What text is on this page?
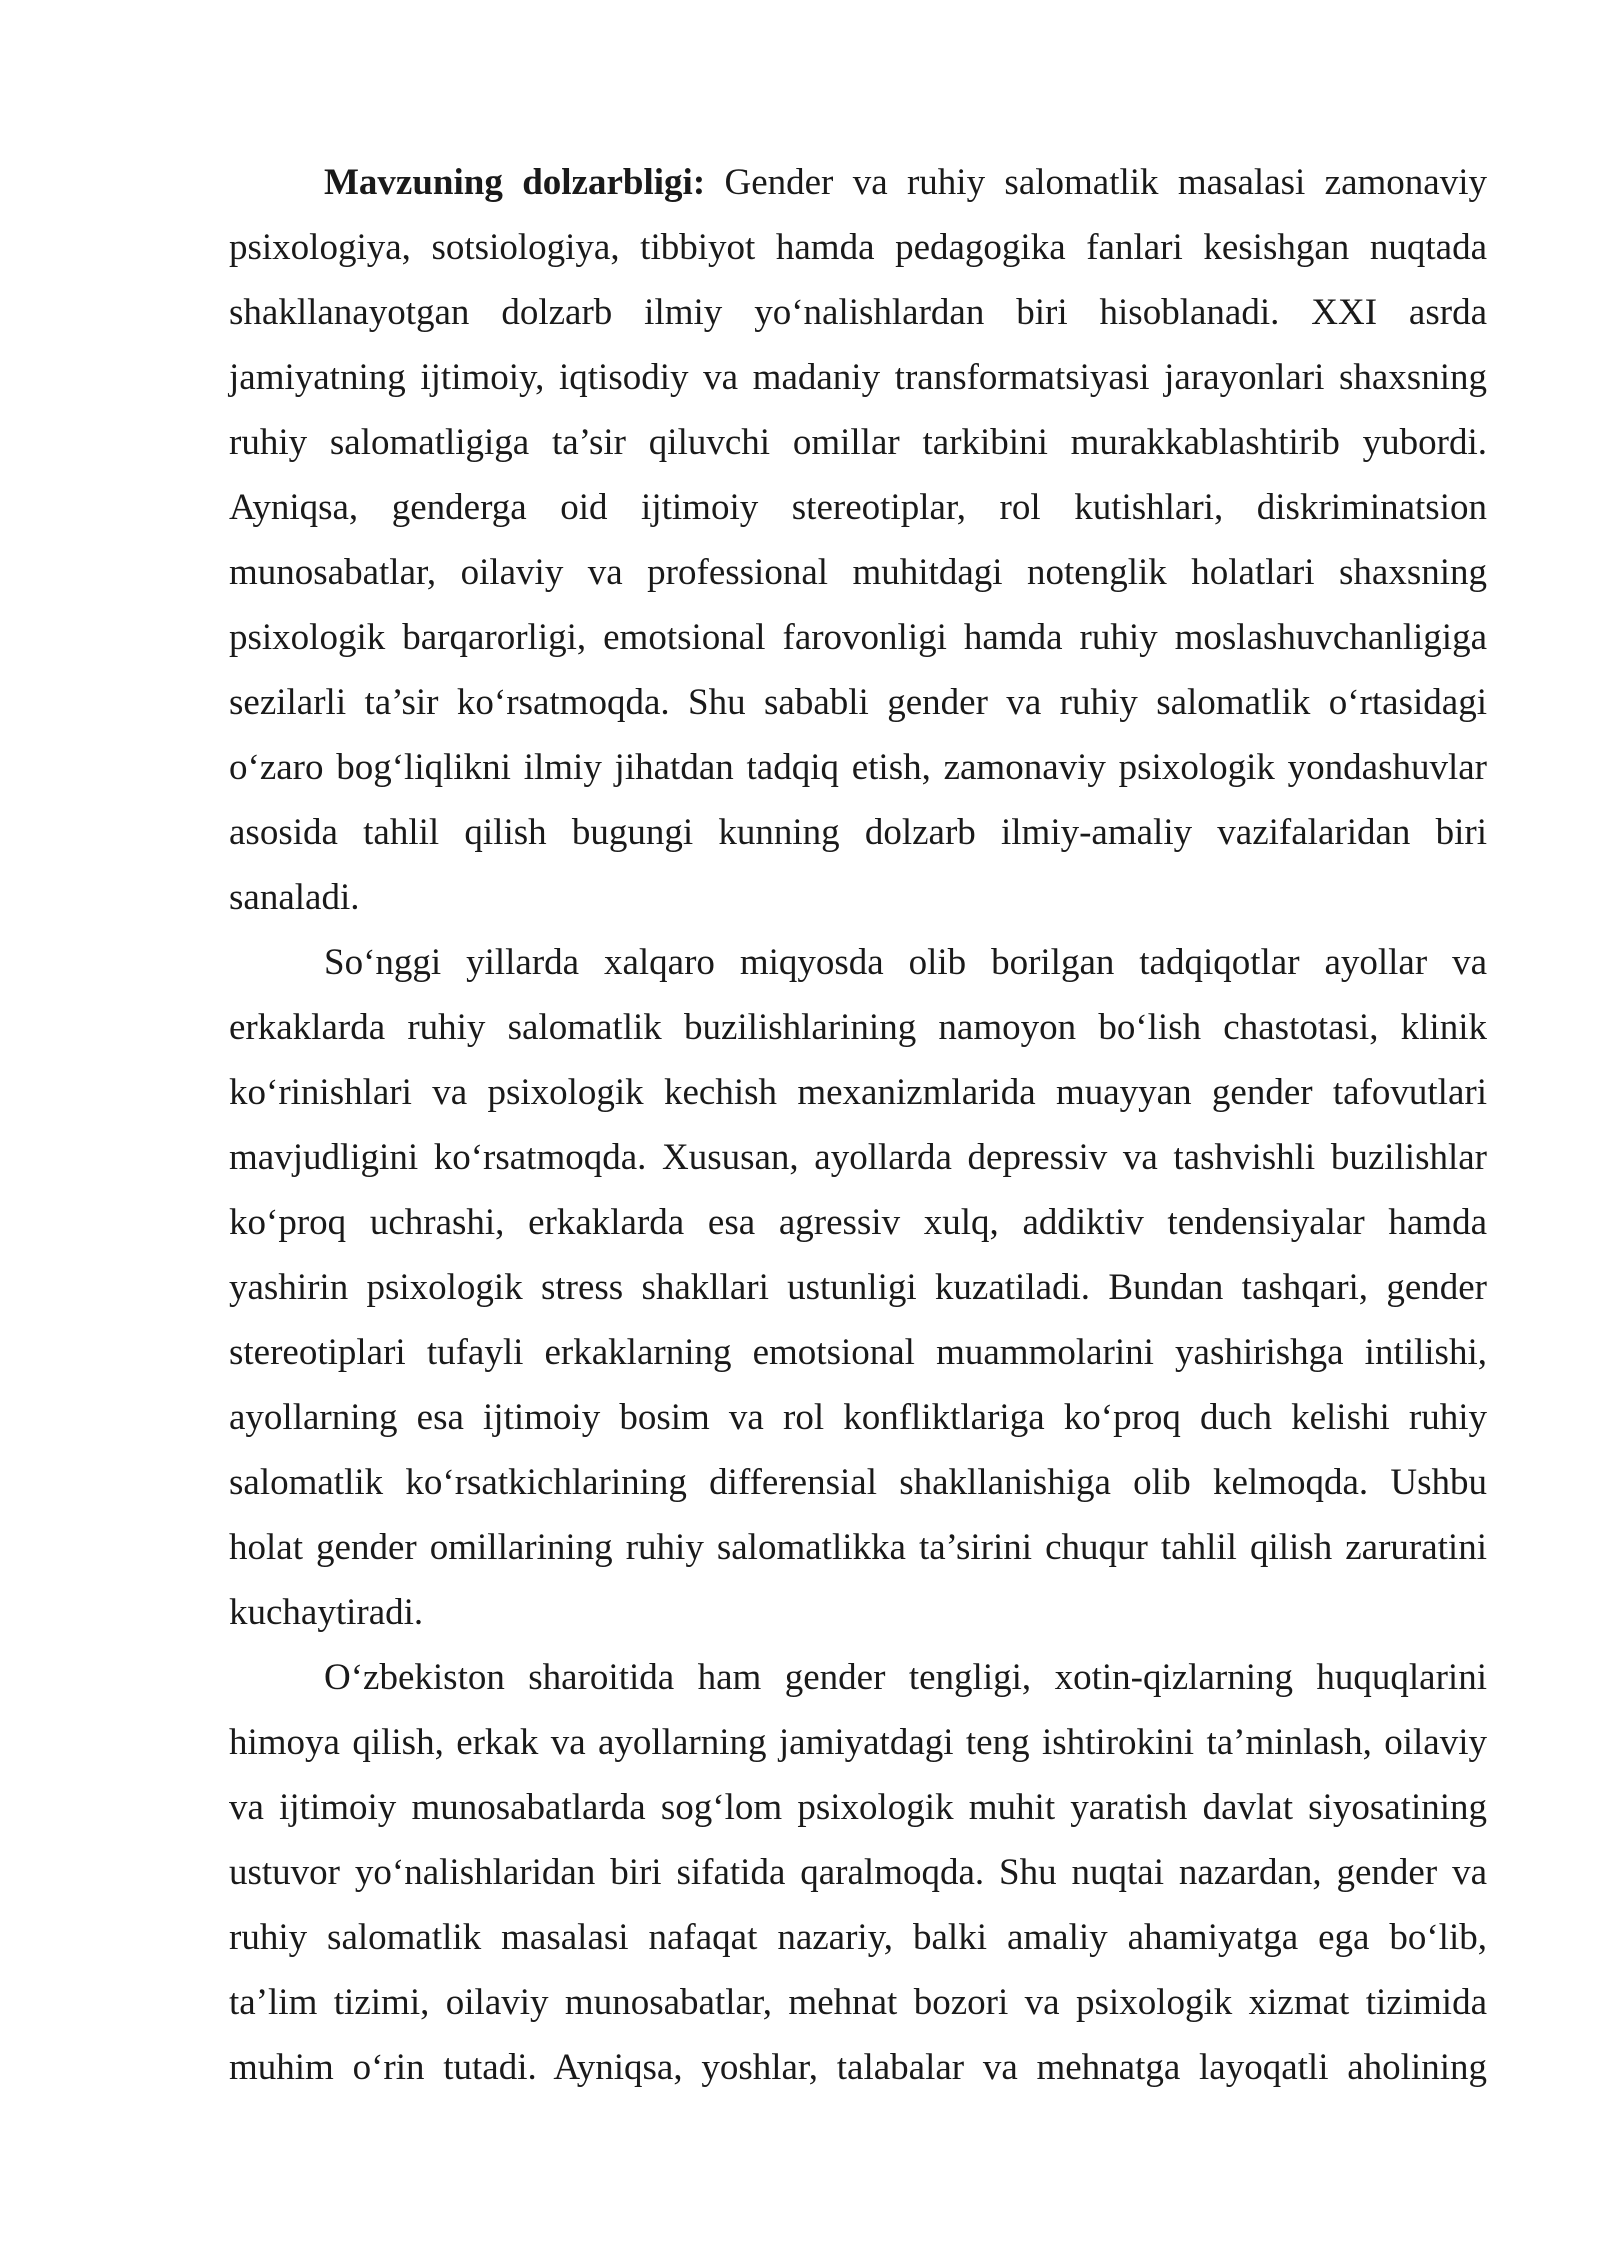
Mavzuning dolzarbligi: Gender va ruhiy salomatlik masalasi zamonaviy psixologiya, sotsiologiya, tibbiyot hamda pedagogika fanlari kesishgan nuqtada shakllanayotgan dolzarb ilmiy yo‘nalishlardan biri hisoblanadi. XXI asrda jamiyatning ijtimoiy, iqtisodiy va madaniy transformatsiyasi jarayonlari shaxsning ruhiy salomatligiga ta’sir qiluvchi omillar tarkibini murakkablashtirib yubordi. Ayniqsa, genderga oid ijtimoiy stereotiplar, rol kutishlari, diskriminatsion munosabatlar, oilaviy va professional muhitdagi notenglik holatlari shaxsning psixologik barqarorligi, emotsional farovonligi hamda ruhiy moslashuvchanligiga sezilarli ta’sir ko‘rsatmoqda. Shu sababli gender va ruhiy salomatlik o‘rtasidagi o‘zaro bog‘liqlikni ilmiy jihatdan tadqiq etish, zamonaviy psixologik yondashuvlar asosida tahlil qilish bugungi kunning dolzarb ilmiy-amaliy vazifalaridan biri sanaladi.

So‘nggi yillarda xalqaro miqyosda olib borilgan tadqiqotlar ayollar va erkaklarda ruhiy salomatlik buzilishlarining namoyon bo‘lish chastotasi, klinik ko‘rinishlari va psixologik kechish mexanizmlarida muayyan gender tafovutlari mavjudligini ko‘rsatmoqda. Xususan, ayollarda depressiv va tashvishli buzilishlar ko‘proq uchrashi, erkaklarda esa agressiv xulq, addiktiv tendensiyalar hamda yashirin psixologik stress shakllari ustunligi kuzatiladi. Bundan tashqari, gender stereotiplari tufayli erkaklarning emotsional muammolarini yashirishga intilishi, ayollarning esa ijtimoiy bosim va rol konfliktlariga ko‘proq duch kelishi ruhiy salomatlik ko‘rsatkichlarining differensial shakllanishiga olib kelmoqda. Ushbu holat gender omillarining ruhiy salomatlikka ta’sirini chuqur tahlil qilish zaruratini kuchaytiradi.

O‘zbekiston sharoitida ham gender tengligi, xotin-qizlarning huquqlarini himoya qilish, erkak va ayollarning jamiyatdagi teng ishtirokini ta’minlash, oilaviy va ijtimoiy munosabatlarda sog‘lom psixologik muhit yaratish davlat siyosatining ustuvor yo‘nalishlaridan biri sifatida qaralmoqda. Shu nuqtai nazardan, gender va ruhiy salomatlik masalasi nafaqat nazariy, balki amaliy ahamiyatga ega bo‘lib, ta’lim tizimi, oilaviy munosabatlar, mehnat bozori va psixologik xizmat tizimida muhim o‘rin tutadi. Ayniqsa, yoshlar, talabalar va mehnatga layoqatli aholining
